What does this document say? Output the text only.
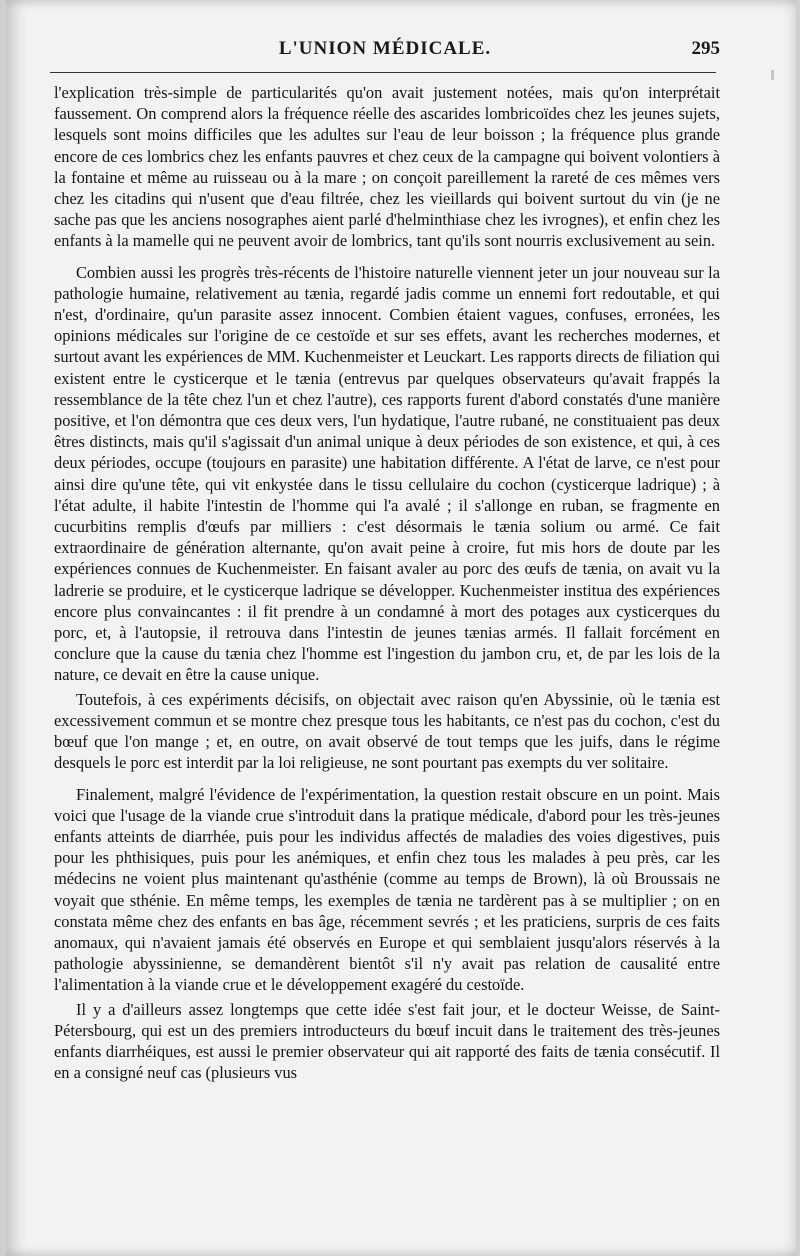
L'UNION MÉDICALE.	295

l'explication très-simple de particularités qu'on avait justement notées, mais qu'on interprétait faussement. On comprend alors la fréquence réelle des ascarides lombricoïdes chez les jeunes sujets, lesquels sont moins difficiles que les adultes sur l'eau de leur boisson ; la fréquence plus grande encore de ces lombrics chez les enfants pauvres et chez ceux de la campagne qui boivent volontiers à la fontaine et même au ruisseau ou à la mare ; on conçoit pareillement la rareté de ces mêmes vers chez les citadins qui n'usent que d'eau filtrée, chez les vieillards qui boivent surtout du vin (je ne sache pas que les anciens nosographes aient parlé d'helminthiase chez les ivrognes), et enfin chez les enfants à la mamelle qui ne peuvent avoir de lombrics, tant qu'ils sont nourris exclusivement au sein.

Combien aussi les progrès très-récents de l'histoire naturelle viennent jeter un jour nouveau sur la pathologie humaine, relativement au tænia, regardé jadis comme un ennemi fort redoutable, et qui n'est, d'ordinaire, qu'un parasite assez innocent. Combien étaient vagues, confuses, erronées, les opinions médicales sur l'origine de ce cestoïde et sur ses effets, avant les recherches modernes, et surtout avant les expériences de MM. Kuchenmeister et Leuckart. Les rapports directs de filiation qui existent entre le cysticerque et le tænia (entrevus par quelques observateurs qu'avait frappés la ressemblance de la tête chez l'un et chez l'autre), ces rapports furent d'abord constatés d'une manière positive, et l'on démontra que ces deux vers, l'un hydatique, l'autre rubané, ne constituaient pas deux êtres distincts, mais qu'il s'agissait d'un animal unique à deux périodes de son existence, et qui, à ces deux périodes, occupe (toujours en parasite) une habitation différente. A l'état de larve, ce n'est pour ainsi dire qu'une tête, qui vit enkystée dans le tissu cellulaire du cochon (cysticerque ladrique) ; à l'état adulte, il habite l'intestin de l'homme qui l'a avalé ; il s'allonge en ruban, se fragmente en cucurbitins remplis d'œufs par milliers : c'est désormais le tænia solium ou armé. Ce fait extraordinaire de génération alternante, qu'on avait peine à croire, fut mis hors de doute par les expériences connues de Kuchenmeister. En faisant avaler au porc des œufs de tænia, on avait vu la ladrerie se produire, et le cysticerque ladrique se développer. Kuchenmeister institua des expériences encore plus convaincantes : il fit prendre à un condamné à mort des potages aux cysticerques du porc, et, à l'autopsie, il retrouva dans l'intestin de jeunes tænias armés. Il fallait forcément en conclure que la cause du tænia chez l'homme est l'ingestion du jambon cru, et, de par les lois de la nature, ce devait en être la cause unique.

Toutefois, à ces expériments décisifs, on objectait avec raison qu'en Abyssinie, où le tænia est excessivement commun et se montre chez presque tous les habitants, ce n'est pas du cochon, c'est du bœuf que l'on mange ; et, en outre, on avait observé de tout temps que les juifs, dans le régime desquels le porc est interdit par la loi religieuse, ne sont pourtant pas exempts du ver solitaire.

Finalement, malgré l'évidence de l'expérimentation, la question restait obscure en un point. Mais voici que l'usage de la viande crue s'introduit dans la pratique médicale, d'abord pour les très-jeunes enfants atteints de diarrhée, puis pour les individus affectés de maladies des voies digestives, puis pour les phthisiques, puis pour les anémiques, et enfin chez tous les malades à peu près, car les médecins ne voient plus maintenant qu'asthénie (comme au temps de Brown), là où Broussais ne voyait que sthénie. En même temps, les exemples de tænia ne tardèrent pas à se multiplier ; on en constata même chez des enfants en bas âge, récemment sevrés ; et les praticiens, surpris de ces faits anomaux, qui n'avaient jamais été observés en Europe et qui semblaient jusqu'alors réservés à la pathologie abyssinienne, se demandèrent bientôt s'il n'y avait pas relation de causalité entre l'alimentation à la viande crue et le développement exagéré du cestoïde.

Il y a d'ailleurs assez longtemps que cette idée s'est fait jour, et le docteur Weisse, de Saint-Pétersbourg, qui est un des premiers introducteurs du bœuf incuit dans le traitement des très-jeunes enfants diarrhéiques, est aussi le premier observateur qui ait rapporté des faits de tænia consécutif. Il en a consigné neuf cas (plusieurs vus
